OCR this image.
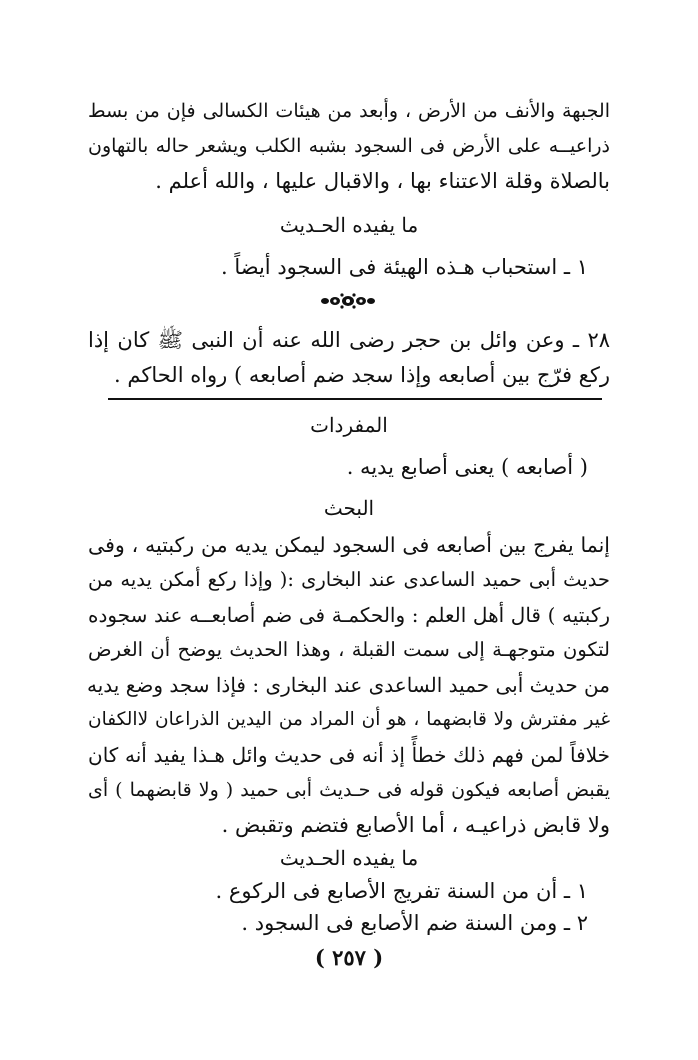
الجبهة والأنف من الأرض ، وأبعد من هيئات الكسالى فإن من بسط
ذراعيــه على الأرض فى السجود بشبه الكلب ويشعر حاله بالتهاون
بالصلاة وقلة الاعتناء بها ، والاقبال عليها ، والله أعلم .
ما يفيده الحـديث
١ ـ استحباب هـذه الهيئة فى السجود أيضاً .
٢٨ ـ وعن وائل بن حجر رضى الله عنه أن النبى ﷺ كان إذا
ركع فرّج بين أصابعه وإذا سجد ضم أصابعه ) رواه الحاكم .
المفردات
( أصابعه ) يعنى أصابع يديه .
البحث
إنما يفرج بين أصابعه فى السجود ليمكن يديه من ركبتيه ، وفى
حديث أبى حميد الساعدى عند البخارى :( وإذا ركع أمكن يديه من
ركبتيه ) قال أهل العلم : والحكمـة فى ضم أصابعــه عند سجوده
لتكون متوجهـة إلى سمت القبلة ، وهذا الحديث يوضح أن الغرض
من حديث أبى حميد الساعدى عند البخارى : فإذا سجد وضع يديه
غير مفترش ولا قابضهما ، هو أن المراد من اليدين الذراعان لاالكفان
خلافاً لمن فهم ذلك خطأً إذ أنه فى حديث وائل هـذا يفيد أنه كان
يقبض أصابعه فيكون قوله فى حـديث أبى حميد ( ولا قابضهما ) أى
ولا قابض ذراعيـه ، أما الأصابع فتضم وتقبض .
ما يفيده الحـديث
١ ـ أن من السنة تفريج الأصابع فى الركوع .
٢ ـ ومن السنة ضم الأصابع فى السجود .
( ٢٥٧ )
